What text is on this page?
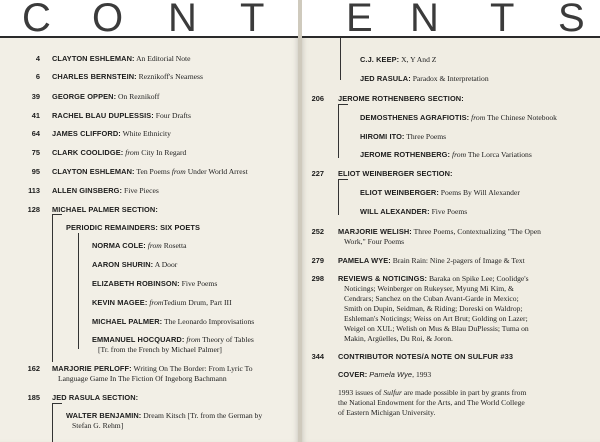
C O N T
4 CLAYTON ESHLEMAN: An Editorial Note
6 CHARLES BERNSTEIN: Reznikoff's Nearness
39 GEORGE OPPEN: On Reznikoff
41 RACHEL BLAU DUPLESSIS: Four Drafts
64 JAMES CLIFFORD: White Ethnicity
75 CLARK COOLIDGE: from City In Regard
95 CLAYTON ESHLEMAN: Ten Poems from Under World Arrest
113 ALLEN GINSBERG: Five Pieces
128 MICHAEL PALMER SECTION:
PERIODIC REMAINDERS: SIX POETS
NORMA COLE: from Rosetta
AARON SHURIN: A Door
ELIZABETH ROBINSON: Five Poems
KEVIN MAGEE: fromTedium Drum, Part III
MICHAEL PALMER: The Leonardo Improvisations
EMMANUEL HOCQUARD: from Theory of Tables
[Tr. from the French by Michael Palmer]
162 MARJORIE PERLOFF: Writing On The Border: From Lyric To
Language Game In The Fiction Of Ingeborg Bachmann
185 JED RASULA SECTION:
WALTER BENJAMIN: Dream Kitsch [Tr. from the German by
Stefan G. Rehm]
E N T S
C.J. KEEP: X, Y And Z
JED RASULA: Paradox & Interpretation
206 JEROME ROTHENBERG SECTION:
DEMOSTHENES AGRAFIOTIS: from The Chinese Notebook
HIROMI ITO: Three Poems
JEROME ROTHENBERG: from The Lorca Variations
227 ELIOT WEINBERGER SECTION:
ELIOT WEINBERGER: Poems By Will Alexander
WILL ALEXANDER: Five Poems
252 MARJORIE WELISH: Three Poems, Contextualizing "The Open
Work," Four Poems
279 PAMELA WYE: Brain Rain: Nine 2-pagers of Image & Text
298 REVIEWS & NOTICINGS: Baraka on Spike Lee; Coolidge's
Noticings; Weinberger on Rukeyser, Myung Mi Kim, &
Cendrars; Sanchez on the Cuban Avant-Garde in Mexico;
Smith on Dupin, Seidman, & Riding; Doreski on Waldrop;
Eshleman's Noticings; Weiss on Art Brut; Golding on Lazer;
Weigel on XUL; Welish on Mus & Blau DuPlessis; Tuma on
Makin, Argüelles, Du Roi, & Joron.
344 CONTRIBUTOR NOTES/A NOTE ON SULFUR #33
COVER: Pamela Wye, 1993
1993 issues of Sulfur are made possible in part by grants from
the National Endowment for the Arts, and The World College
of Eastern Michigan University.
